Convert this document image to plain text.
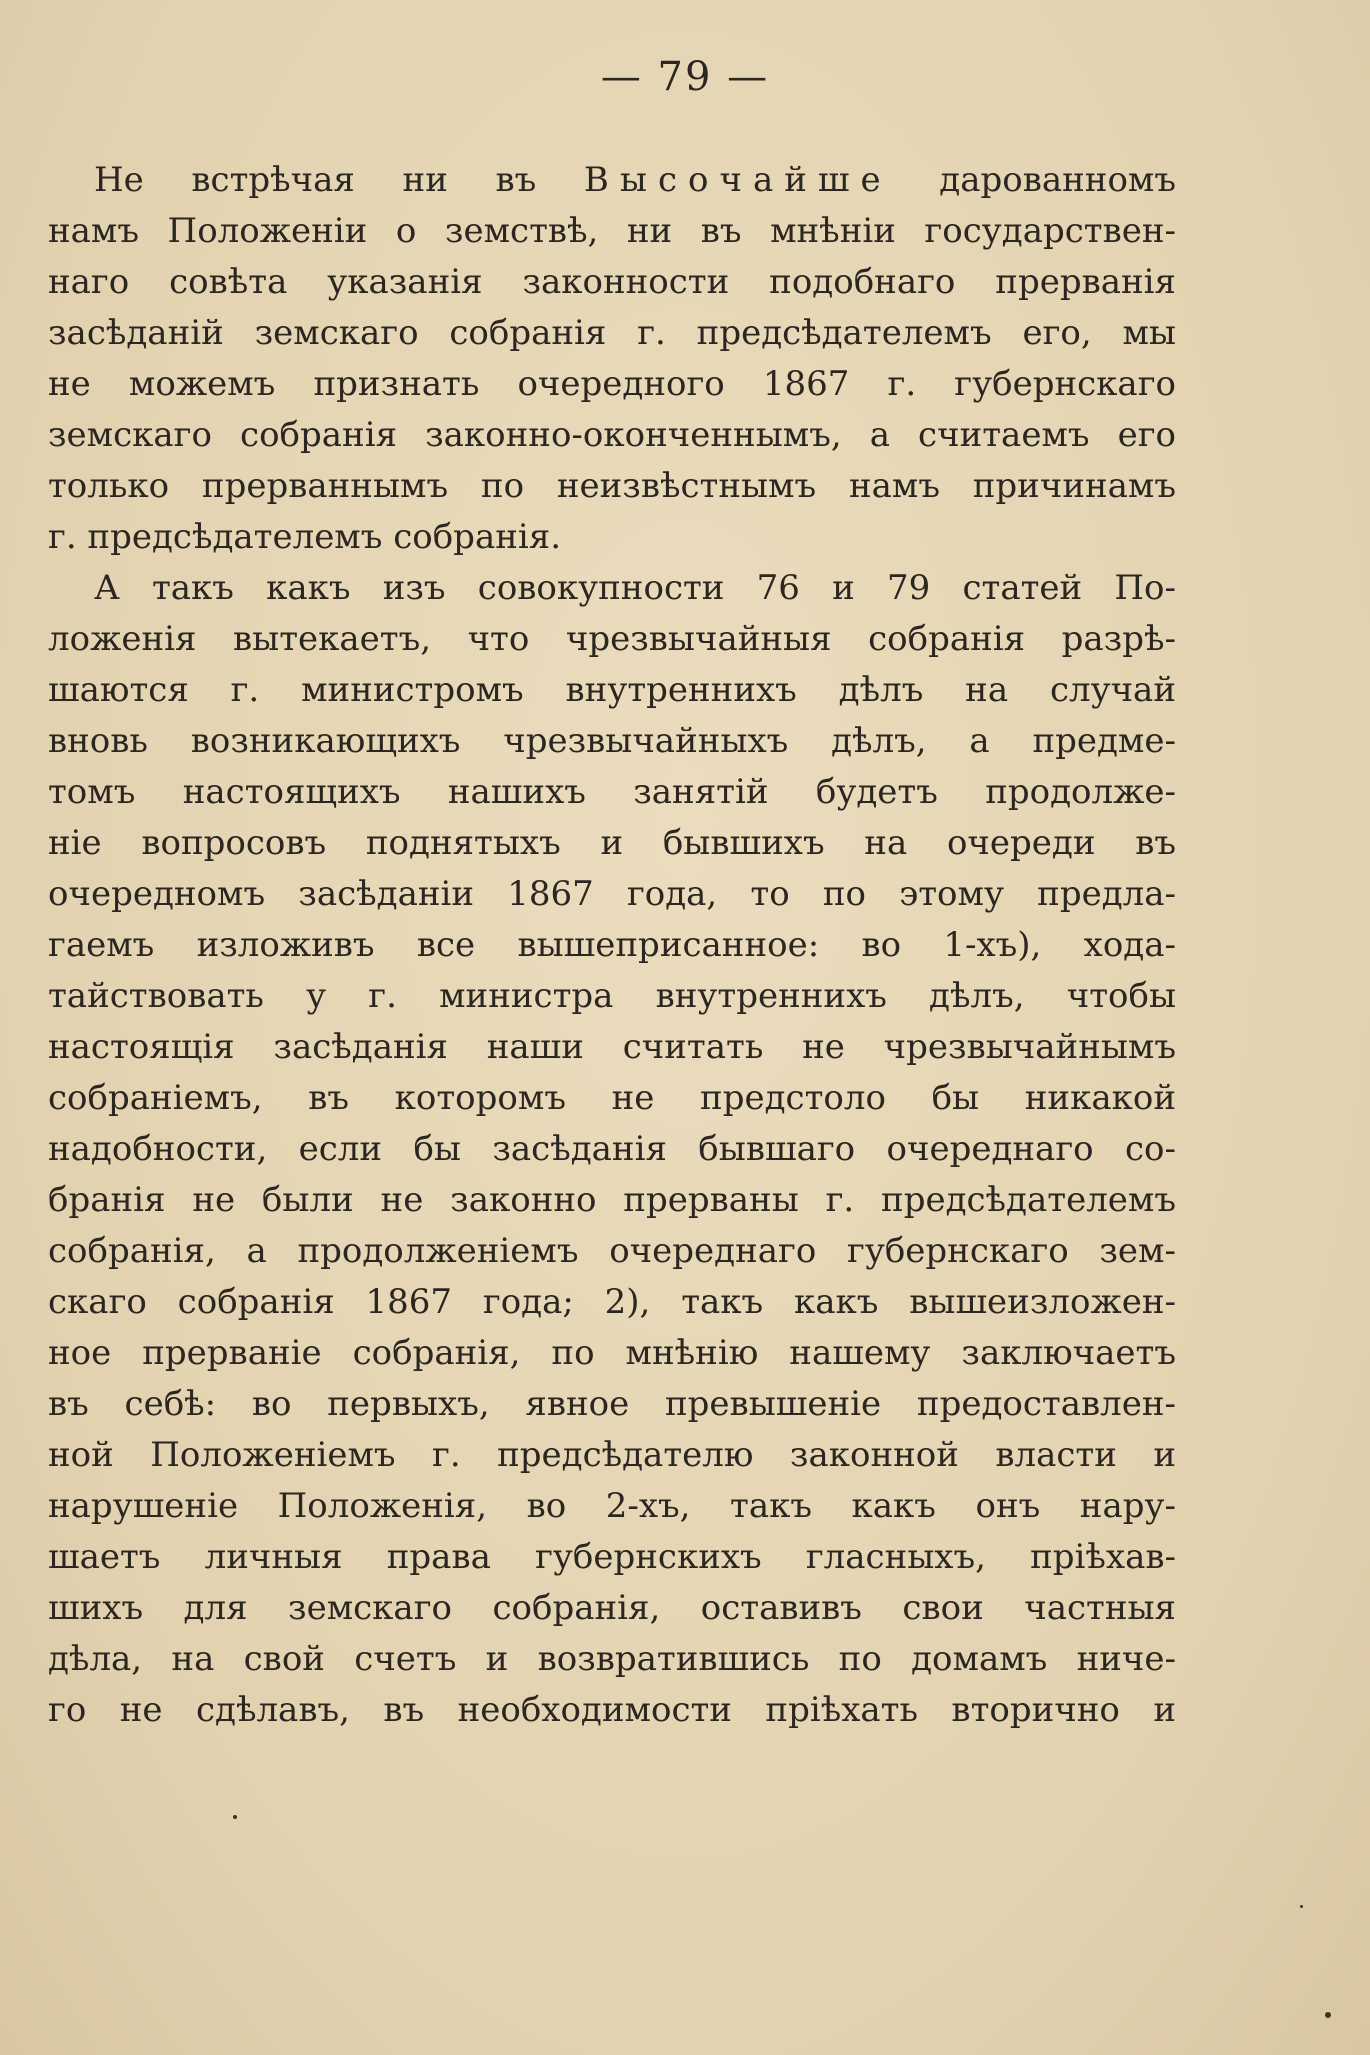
— 79 —
Не встрѣчая ни въ Высочайше дарованномъ
намъ Положеніи о земствѣ, ни въ мнѣніи государствен-
наго совѣта указанія законности подобнаго прерванія
засѣданій земскаго собранія г. предсѣдателемъ его, мы
не можемъ признать очередного 1867 г. губернскаго
земскаго собранія законно-оконченнымъ, а считаемъ его
только прерваннымъ по неизвѣстнымъ намъ причинамъ
г. предсѣдателемъ собранія.
А такъ какъ изъ совокупности 76 и 79 статей По-
ложенія вытекаетъ, что чрезвычайныя собранія разрѣ-
шаются г. министромъ внутреннихъ дѣлъ на случай
вновь возникающихъ чрезвычайныхъ дѣлъ, а предме-
томъ настоящихъ нашихъ занятій будетъ продолже-
ніе вопросовъ поднятыхъ и бывшихъ на очереди въ
очередномъ засѣданіи 1867 года, то по этому предла-
гаемъ изложивъ все вышеприсанное: во 1-хъ), хода-
тайствовать у г. министра внутреннихъ дѣлъ, чтобы
настоящія засѣданія наши считать не чрезвычайнымъ
собраніемъ, въ которомъ не предстоло бы никакой
надобности, если бы засѣданія бывшаго очереднаго со-
бранія не были не законно прерваны г. предсѣдателемъ
собранія, а продолженіемъ очереднаго губернскаго зем-
скаго собранія 1867 года; 2), такъ какъ вышеизложен-
ное прерваніе собранія, по мнѣнію нашему заключаетъ
въ себѣ: во первыхъ, явное превышеніе предоставлен-
ной Положеніемъ г. предсѣдателю законной власти и
нарушеніе Положенія, во 2-хъ, такъ какъ онъ нару-
шаетъ личныя права губернскихъ гласныхъ, пріѣхав-
шихъ для земскаго собранія, оставивъ свои частныя
дѣла, на свой счетъ и возвратившись по домамъ ниче-
го не сдѣлавъ, въ необходимости пріѣхать вторично и
